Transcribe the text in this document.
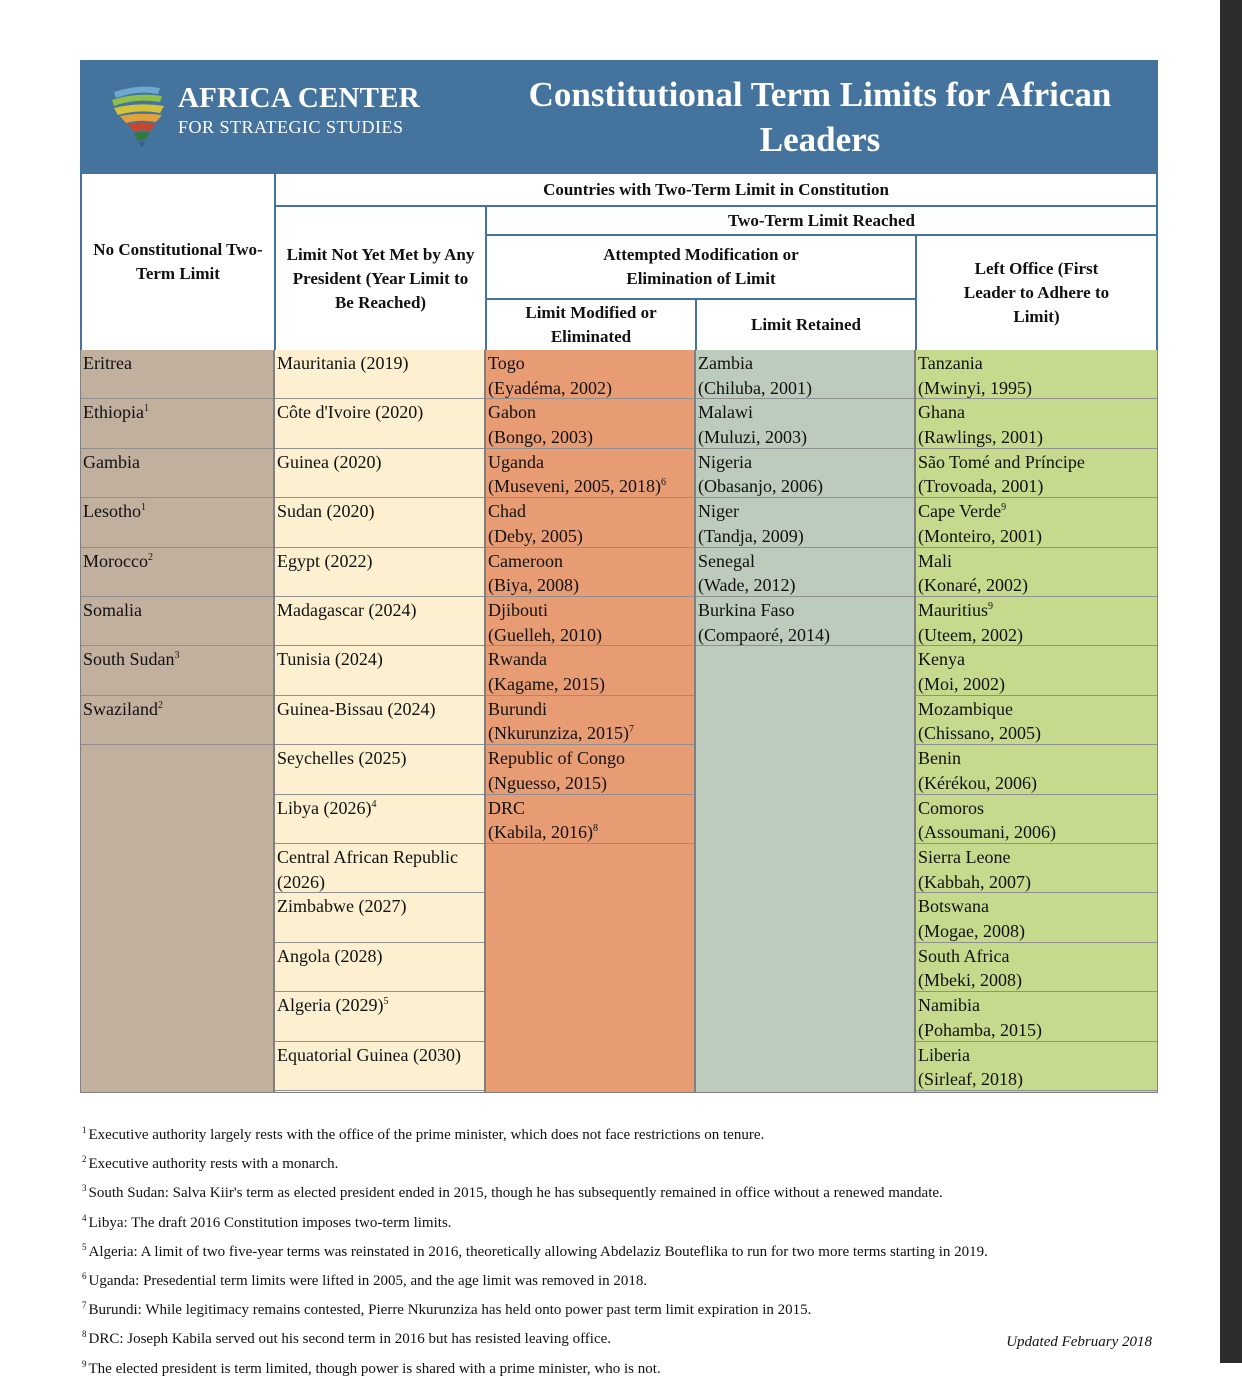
AFRICA CENTER
FOR STRATEGIC STUDIES
Constitutional Term Limits for African Leaders
No Constitutional Two-Term Limit
Countries with Two-Term Limit in Constitution
Limit Not Yet Met by Any President (Year Limit to Be Reached)
Two-Term Limit Reached
Attempted Modification or Elimination of Limit
Limit Modified or Eliminated
Limit Retained
Left Office (First Leader to Adhere to Limit)
Eritrea
Ethiopia$^1$
Gambia
Lesotho$^1$
Morocco$^2$
Somalia
South Sudan$^3$
Swaziland$^2$
Mauritania (2019)
Côte d'Ivoire (2020)
Guinea (2020)
Sudan (2020)
Egypt (2022)
Madagascar (2024)
Tunisia (2024)
Guinea-Bissau (2024)
Seychelles (2025)
Libya $(2026)^4$
Central African Republic
(2026)
Zimbabwe (2027)
Angola (2028)
Algeria $(2029)^5$
Equatorial Guinea (2030)
Togo
(Eyadéma, 2002)
Gabon
(Bongo, 2003)
Uganda
(Museveni, 2005, 2018)$^6$
Chad
(Deby, 2005)
Cameroon
(Biya, 2008)
Djibouti
(Guelleh, 2010)
Rwanda
(Kagame, 2015)
Burundi
(Nkurunziza, 2015)$^7$
Republic of Congo
(Nguesso, 2015)
DRC
(Kabila, 2016)$^8$
Zambia
(Chiluba, 2001)
Malawi
(Muluzi, 2003)
Nigeria
(Obasanjo, 2006)
Niger
(Tandja, 2009)
Senegal
(Wade, 2012)
Burkina Faso
(Compaoré, 2014)
Tanzania
(Mwinyi, 1995)
Ghana
(Rawlings, 2001)
São Tomé and Príncipe
(Trovoada, 2001)
Cape Verde$^9$
(Monteiro, 2001)
Mali
(Konaré, 2002)
Mauritius$^9$
(Uteem, 2002)
Kenya
(Moi, 2002)
Mozambique
(Chissano, 2005)
Benin
(Kérékou, 2006)
Comoros
(Assoumani, 2006)
Sierra Leone
(Kabbah, 2007)
Botswana
(Mogae, 2008)
South Africa
(Mbeki, 2008)
Namibia
(Pohamba, 2015)
Liberia
(Sirleaf, 2018)
$^1$ Executive authority largely rests with the office of the prime minister, which does not face restrictions on tenure.
$^2$ Executive authority rests with a monarch.
$^3$ South Sudan: Salva Kiir's term as elected president ended in 2015, though he has subsequently remained in office without a renewed mandate.
$^4$ Libya: The draft 2016 Constitution imposes two-term limits.
$^5$ Algeria: A limit of two five-year terms was reinstated in 2016, theoretically allowing Abdelaziz Bouteflika to run for two more terms starting in 2019.
$^6$ Uganda: Presedential term limits were lifted in 2005, and the age limit was removed in 2018.
$^7$ Burundi: While legitimacy remains contested, Pierre Nkurunziza has held onto power past term limit expiration in 2015.
$^8$ DRC: Joseph Kabila served out his second term in 2016 but has resisted leaving office.
$^9$ The elected president is term limited, though power is shared with a prime minister, who is not.
Updated February 2018
